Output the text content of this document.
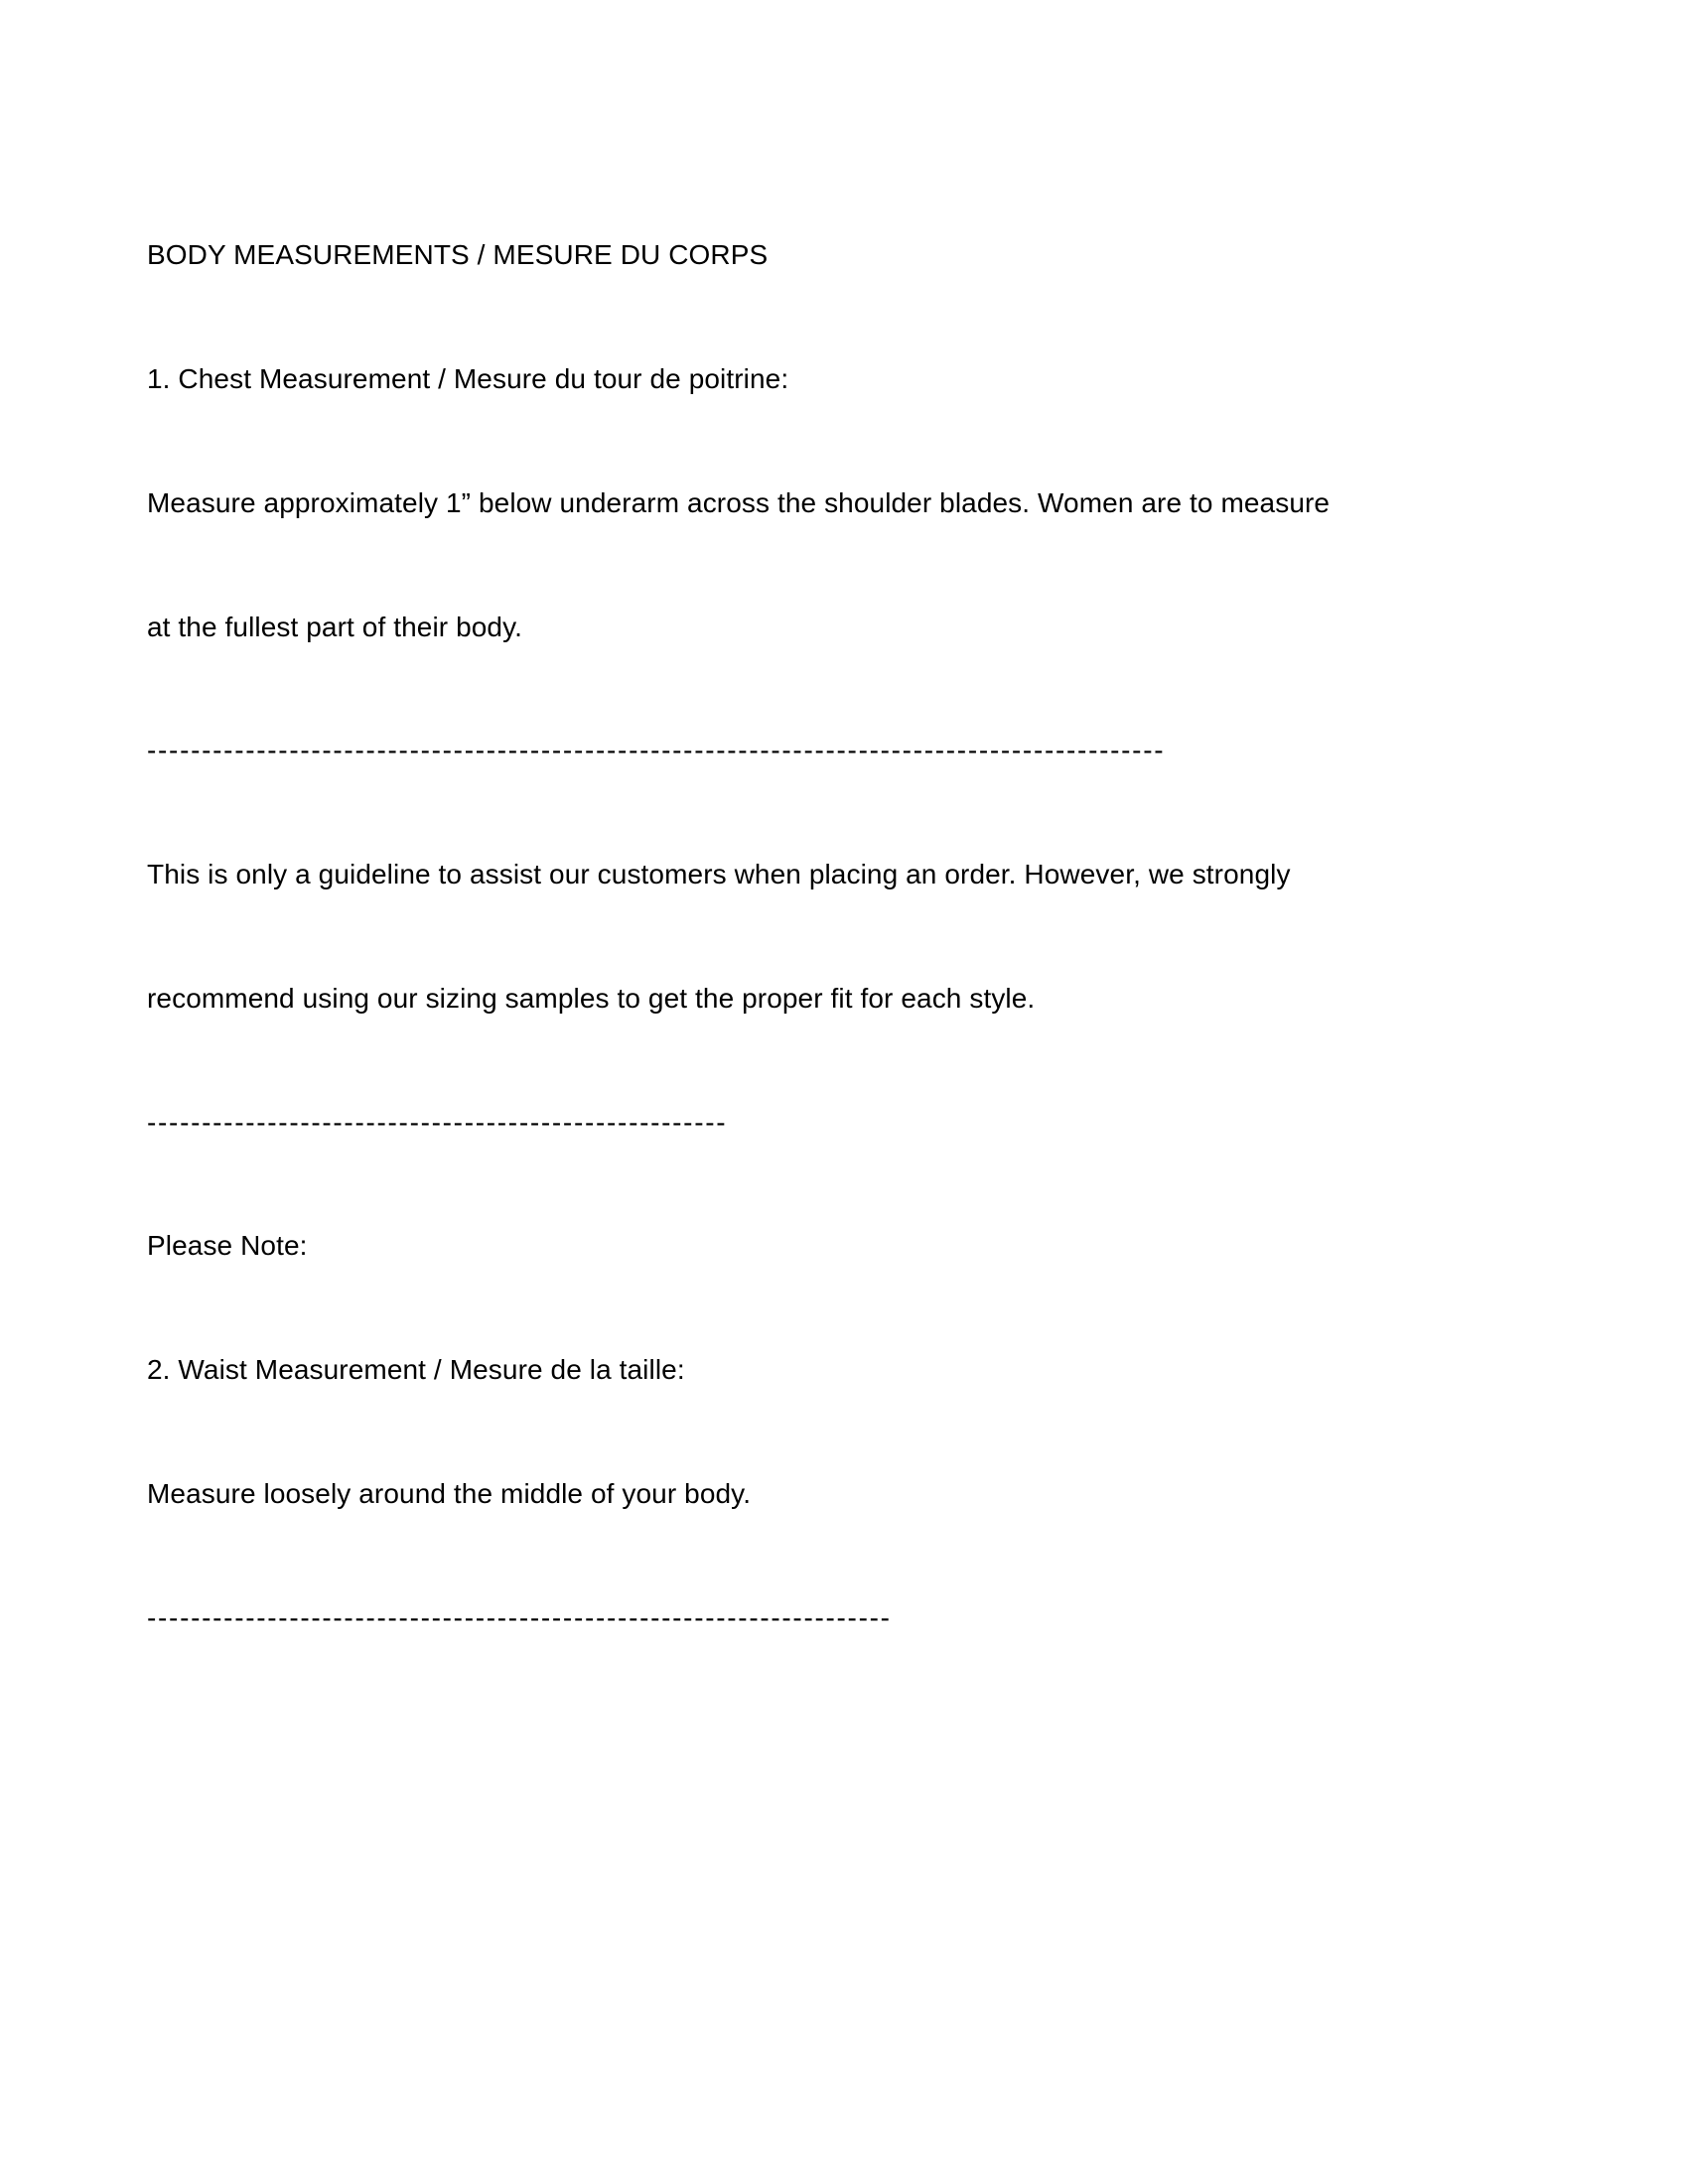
BODY MEASUREMENTS / MESURE DU CORPS

1. Chest Measurement / Mesure du tour de poitrine:

Measure approximately 1” below underarm across the shoulder blades. Women are to measure

at the fullest part of their body.

---------------------------------------------------------------------------------------------

This is only a guideline to assist our customers when placing an order. However, we strongly

recommend using our sizing samples to get the proper fit for each style.

-----------------------------------------------------

Please Note:

2. Waist Measurement / Mesure de la taille:

Measure loosely around the middle of your body.

--------------------------------------------------------------------
